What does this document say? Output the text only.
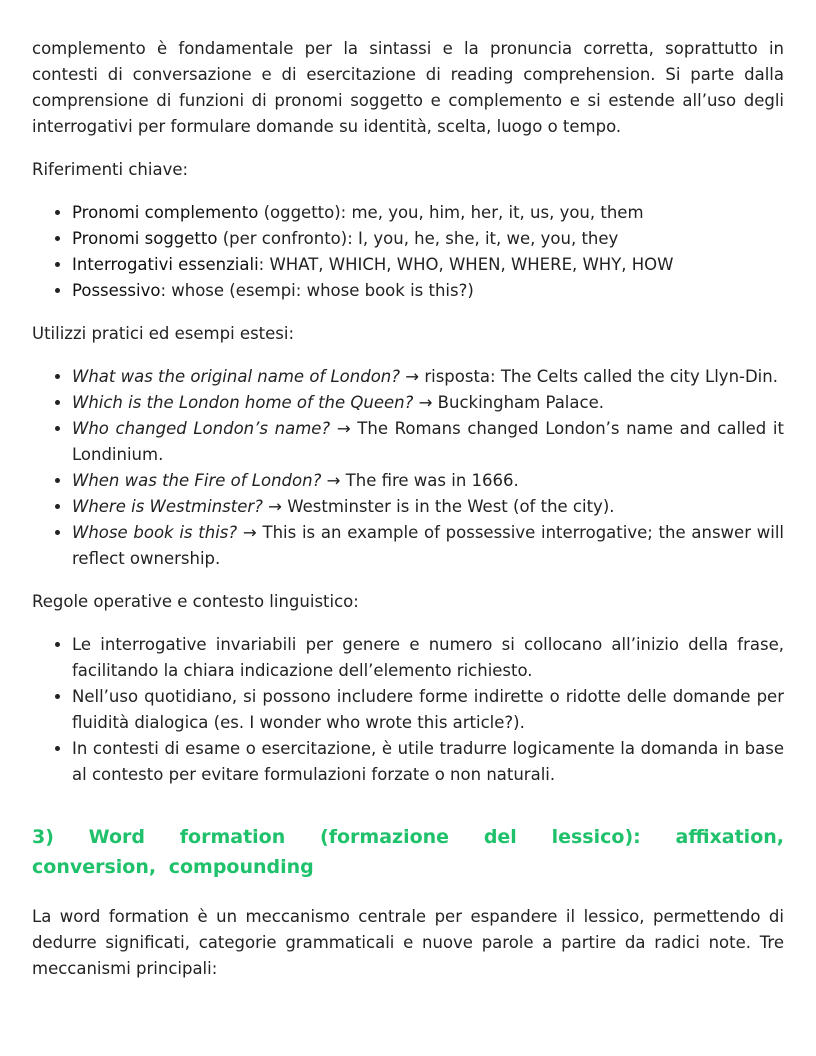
complemento è fondamentale per la sintassi e la pronuncia corretta, soprattutto in contesti di conversazione e di esercitazione di reading comprehension. Si parte dalla comprensione di funzioni di pronomi soggetto e complemento e si estende all’uso degli interrogativi per formulare domande su identità, scelta, luogo o tempo.

Riferimenti chiave:

• Pronomi complemento (oggetto): me, you, him, her, it, us, you, them
• Pronomi soggetto (per confronto): I, you, he, she, it, we, you, they
• Interrogativi essenziali: WHAT, WHICH, WHO, WHEN, WHERE, WHY, HOW
• Possessivo: whose (esempi: whose book is this?)

Utilizzi pratici ed esempi estesi:

• What was the original name of London? → risposta: The Celts called the city Llyn-Din.
• Which is the London home of the Queen? → Buckingham Palace.
• Who changed London’s name? → The Romans changed London’s name and called it Londinium.
• When was the Fire of London? → The fire was in 1666.
• Where is Westminster? → Westminster is in the West (of the city).
• Whose book is this? → This is an example of possessive interrogative; the answer will reflect ownership.

Regole operative e contesto linguistico:

• Le interrogative invariabili per genere e numero si collocano all’inizio della frase, facilitando la chiara indicazione dell’elemento richiesto.
• Nell’uso quotidiano, si possono includere forme indirette o ridotte delle domande per fluidità dialogica (es. I wonder who wrote this article?).
• In contesti di esame o esercitazione, è utile tradurre logicamente la domanda in base al contesto per evitare formulazioni forzate o non naturali.
3) Word formation (formazione del lessico): affixation, conversion, compounding

La word formation è un meccanismo centrale per espandere il lessico, permettendo di dedurre significati, categorie grammaticali e nuove parole a partire da radici note. Tre meccanismi principali:
